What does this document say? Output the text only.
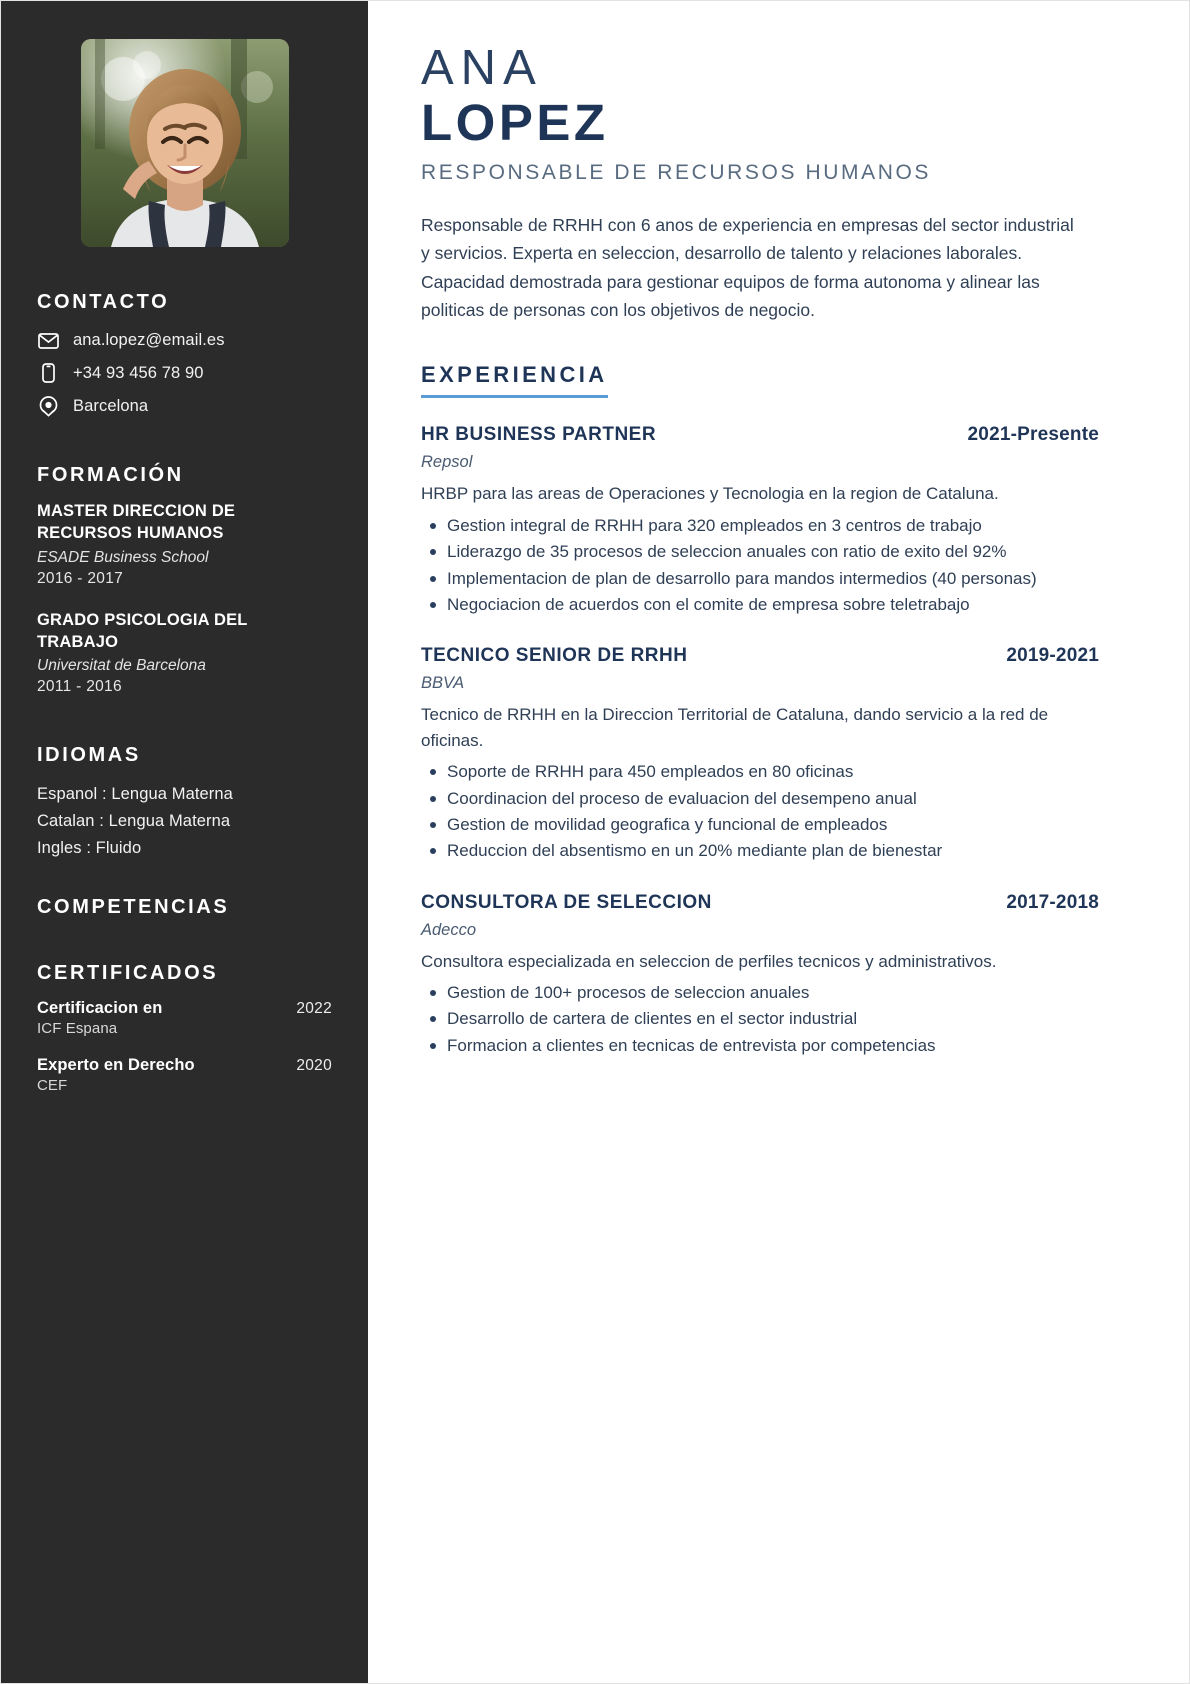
CONTACTO
ana.lopez@email.es
+34 93 456 78 90
Barcelona
FORMACIÓN
MASTER DIRECCION DE RECURSOS HUMANOS
ESADE Business School
2016 - 2017
GRADO PSICOLOGIA DEL TRABAJO
Universitat de Barcelona
2011 - 2016
IDIOMAS
Espanol : Lengua Materna
Catalan : Lengua Materna
Ingles : Fluido
COMPETENCIAS
CERTIFICADOS
Certificacion en	2022
ICF Espana
Experto en Derecho	2020
CEF
ANA
LOPEZ
RESPONSABLE DE RECURSOS HUMANOS

Responsable de RRHH con 6 anos de experiencia en empresas del sector industrial y servicios. Experta en seleccion, desarrollo de talento y relaciones laborales. Capacidad demostrada para gestionar equipos de forma autonoma y alinear las politicas de personas con los objetivos de negocio.

EXPERIENCIA
HR BUSINESS PARTNER	2021-Presente
Repsol
HRBP para las areas de Operaciones y Tecnologia en la region de Cataluna.
Gestion integral de RRHH para 320 empleados en 3 centros de trabajo
Liderazgo de 35 procesos de seleccion anuales con ratio de exito del 92%
Implementacion de plan de desarrollo para mandos intermedios (40 personas)
Negociacion de acuerdos con el comite de empresa sobre teletrabajo
TECNICO SENIOR DE RRHH	2019-2021
BBVA
Tecnico de RRHH en la Direccion Territorial de Cataluna, dando servicio a la red de oficinas.
Soporte de RRHH para 450 empleados en 80 oficinas
Coordinacion del proceso de evaluacion del desempeno anual
Gestion de movilidad geografica y funcional de empleados
Reduccion del absentismo en un 20% mediante plan de bienestar
CONSULTORA DE SELECCION	2017-2018
Adecco
Consultora especializada en seleccion de perfiles tecnicos y administrativos.
Gestion de 100+ procesos de seleccion anuales
Desarrollo de cartera de clientes en el sector industrial
Formacion a clientes en tecnicas de entrevista por competencias
